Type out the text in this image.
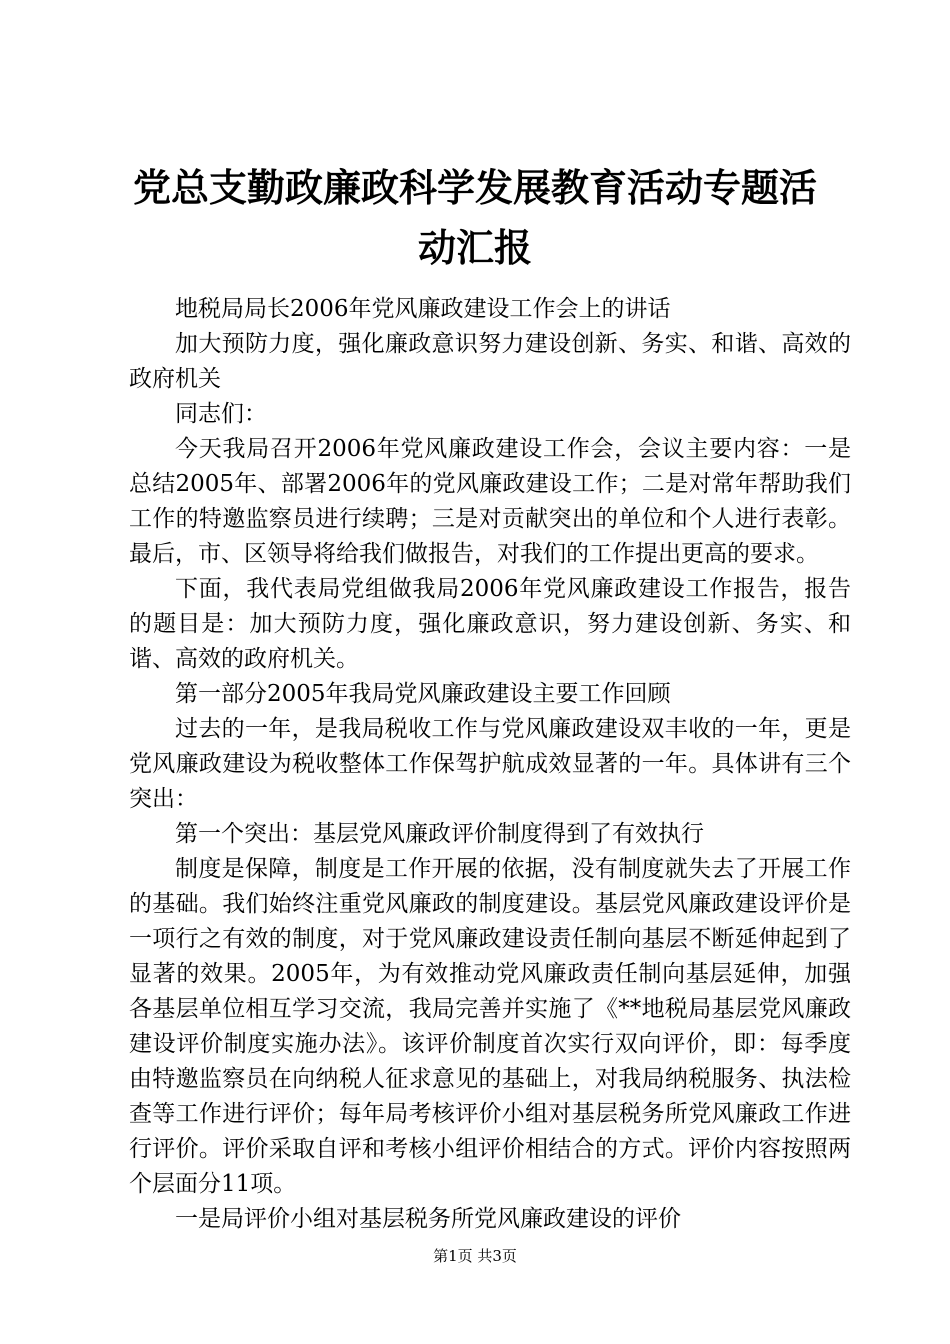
党总支勤政廉政科学发展教育活动专题活动汇报

地税局局长2006年党风廉政建设工作会上的讲话

加大预防力度，强化廉政意识努力建设创新、务实、和谐、高效的政府机关

同志们：

今天我局召开2006年党风廉政建设工作会，会议主要内容：一是总结2005年、部署2006年的党风廉政建设工作；二是对常年帮助我们工作的特邀监察员进行续聘；三是对贡献突出的单位和个人进行表彰。最后，市、区领导将给我们做报告，对我们的工作提出更高的要求。

下面，我代表局党组做我局2006年党风廉政建设工作报告，报告的题目是：加大预防力度，强化廉政意识，努力建设创新、务实、和谐、高效的政府机关。

第一部分2005年我局党风廉政建设主要工作回顾

过去的一年，是我局税收工作与党风廉政建设双丰收的一年，更是党风廉政建设为税收整体工作保驾护航成效显著的一年。具体讲有三个突出：

第一个突出：基层党风廉政评价制度得到了有效执行

制度是保障，制度是工作开展的依据，没有制度就失去了开展工作的基础。我们始终注重党风廉政的制度建设。基层党风廉政建设评价是一项行之有效的制度，对于党风廉政建设责任制向基层不断延伸起到了显著的效果。2005年，为有效推动党风廉政责任制向基层延伸，加强各基层单位相互学习交流，我局完善并实施了《**地税局基层党风廉政建设评价制度实施办法》。该评价制度首次实行双向评价，即：每季度由特邀监察员在向纳税人征求意见的基础上，对我局纳税服务、执法检查等工作进行评价；每年局考核评价小组对基层税务所党风廉政工作进行评价。评价采取自评和考核小组评价相结合的方式。评价内容按照两个层面分11项。

一是局评价小组对基层税务所党风廉政建设的评价

第1页 共3页
